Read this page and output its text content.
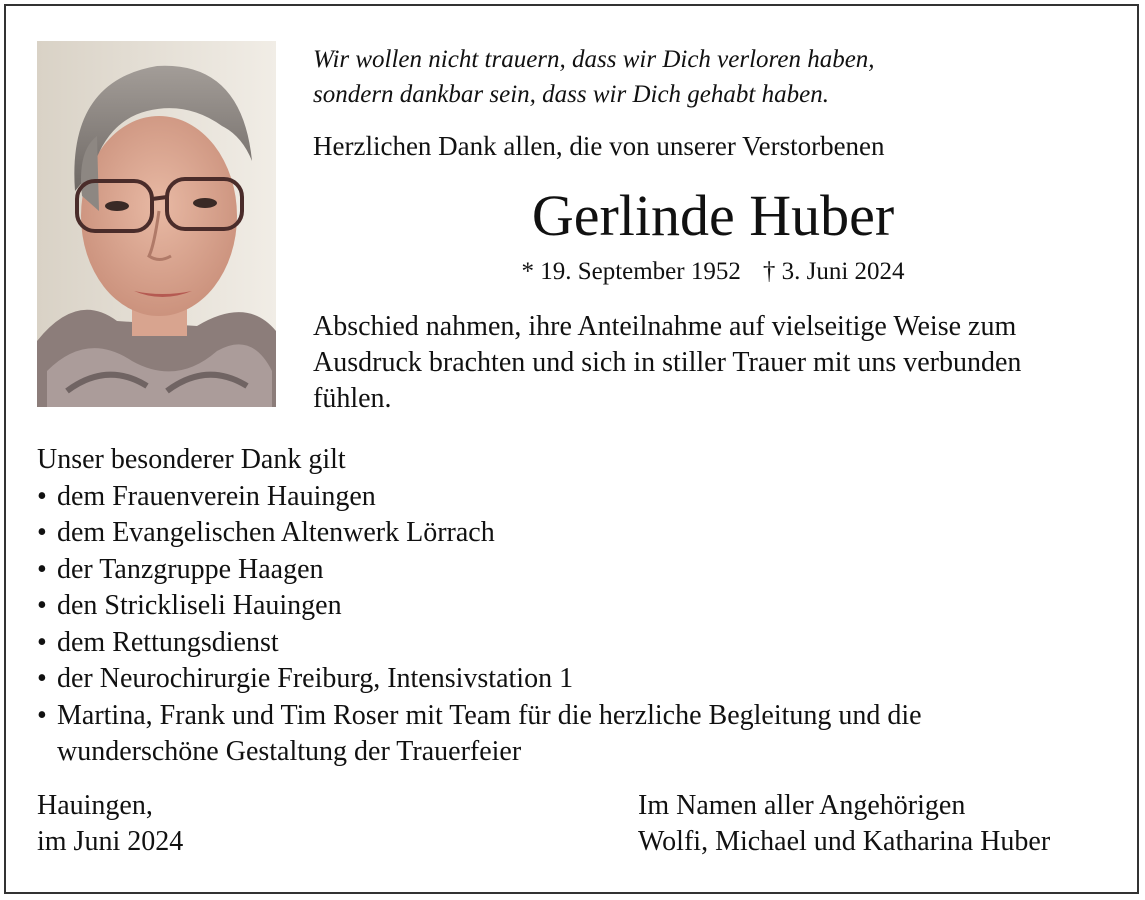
Wir wollen nicht trauern, dass wir Dich verloren haben,
sondern dankbar sein, dass wir Dich gehabt haben.
Herzlichen Dank allen, die von unserer Verstorbenen
Gerlinde Huber
* 19. September 1952 † 3. Juni 2024
Abschied nahmen, ihre Anteilnahme auf vielseitige Weise zum
Ausdruck brachten und sich in stiller Trauer mit uns verbunden
fühlen.
Unser besonderer Dank gilt
• dem Frauenverein Hauingen
• dem Evangelischen Altenwerk Lörrach
• der Tanzgruppe Haagen
• den Strickliseli Hauingen
• dem Rettungsdienst
• der Neurochirurgie Freiburg, Intensivstation 1
• Martina, Frank und Tim Roser mit Team für die herzliche Begleitung und die
wunderschöne Gestaltung der Trauerfeier
Hauingen,
im Juni 2024
Im Namen aller Angehörigen
Wolfi, Michael und Katharina Huber
